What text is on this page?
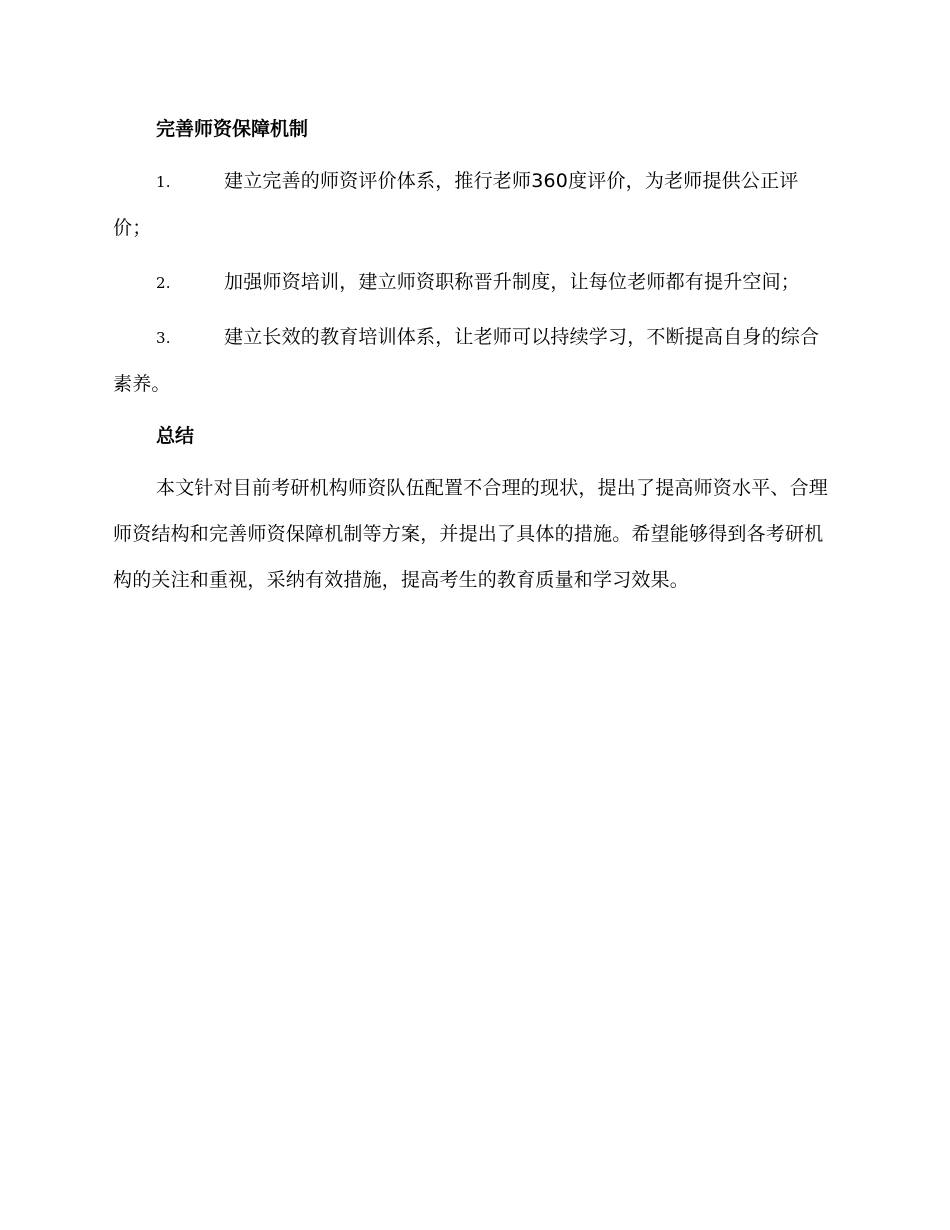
完善师资保障机制
1.	建立完善的师资评价体系，推行老师360度评价，为老师提供公正评价；
2.	加强师资培训，建立师资职称晋升制度，让每位老师都有提升空间；
3.	建立长效的教育培训体系，让老师可以持续学习，不断提高自身的综合素养。
总结

本文针对目前考研机构师资队伍配置不合理的现状，提出了提高师资水平、合理师资结构和完善师资保障机制等方案，并提出了具体的措施。希望能够得到各考研机构的关注和重视，采纳有效措施，提高考生的教育质量和学习效果。
